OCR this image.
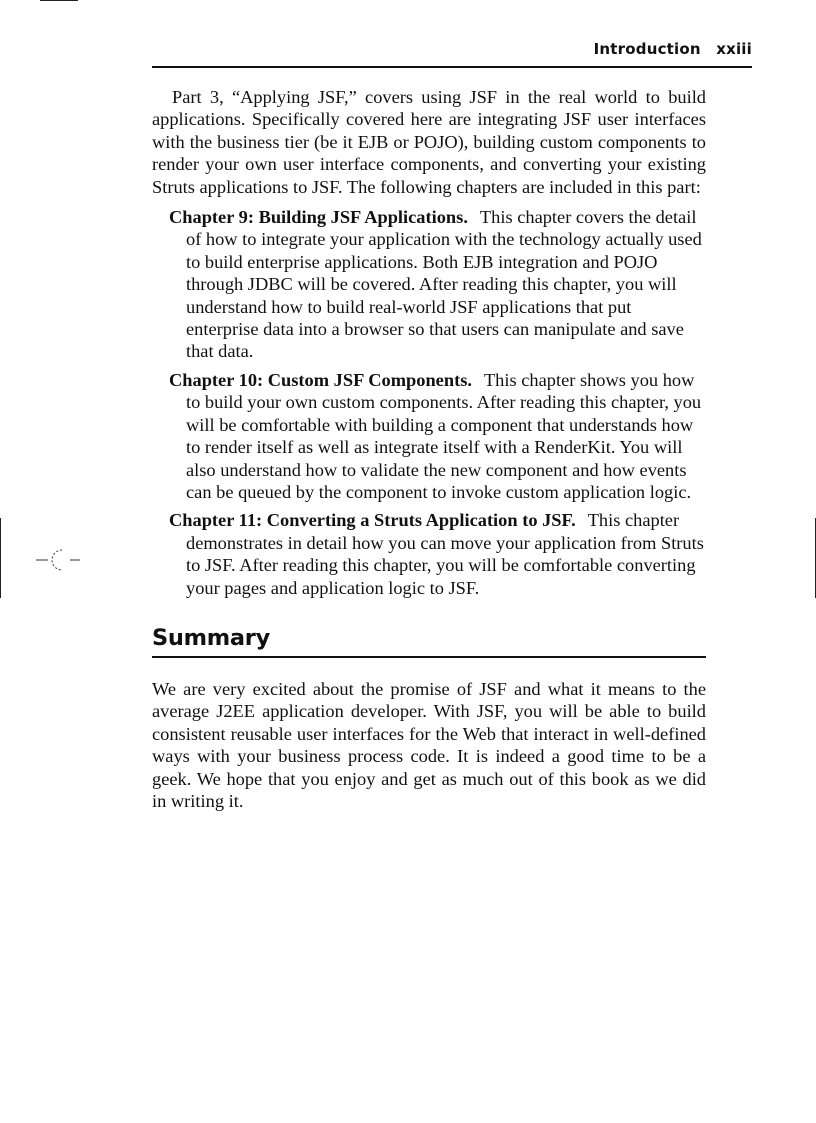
Introduction xxiii

Part 3, “Applying JSF,” covers using JSF in the real world to build applications. Specifically covered here are integrating JSF user interfaces with the business tier (be it EJB or POJO), building custom components to render your own user interface components, and converting your existing Struts applications to JSF. The following chapters are included in this part:

Chapter 9: Building JSF Applications. This chapter covers the detail of how to integrate your application with the technology actually used to build enterprise applications. Both EJB integration and POJO through JDBC will be covered. After reading this chapter, you will understand how to build real-world JSF applications that put enterprise data into a browser so that users can manipulate and save that data.
Chapter 10: Custom JSF Components. This chapter shows you how to build your own custom components. After reading this chapter, you will be comfortable with building a component that understands how to render itself as well as integrate itself with a RenderKit. You will also understand how to validate the new component and how events can be queued by the component to invoke custom application logic.
Chapter 11: Converting a Struts Application to JSF. This chapter demonstrates in detail how you can move your application from Struts to JSF. After reading this chapter, you will be comfortable converting your pages and application logic to JSF.
Summary

We are very excited about the promise of JSF and what it means to the average J2EE application developer. With JSF, you will be able to build consistent reusable user interfaces for the Web that interact in well-defined ways with your business process code. It is indeed a good time to be a geek. We hope that you enjoy and get as much out of this book as we did in writing it.
